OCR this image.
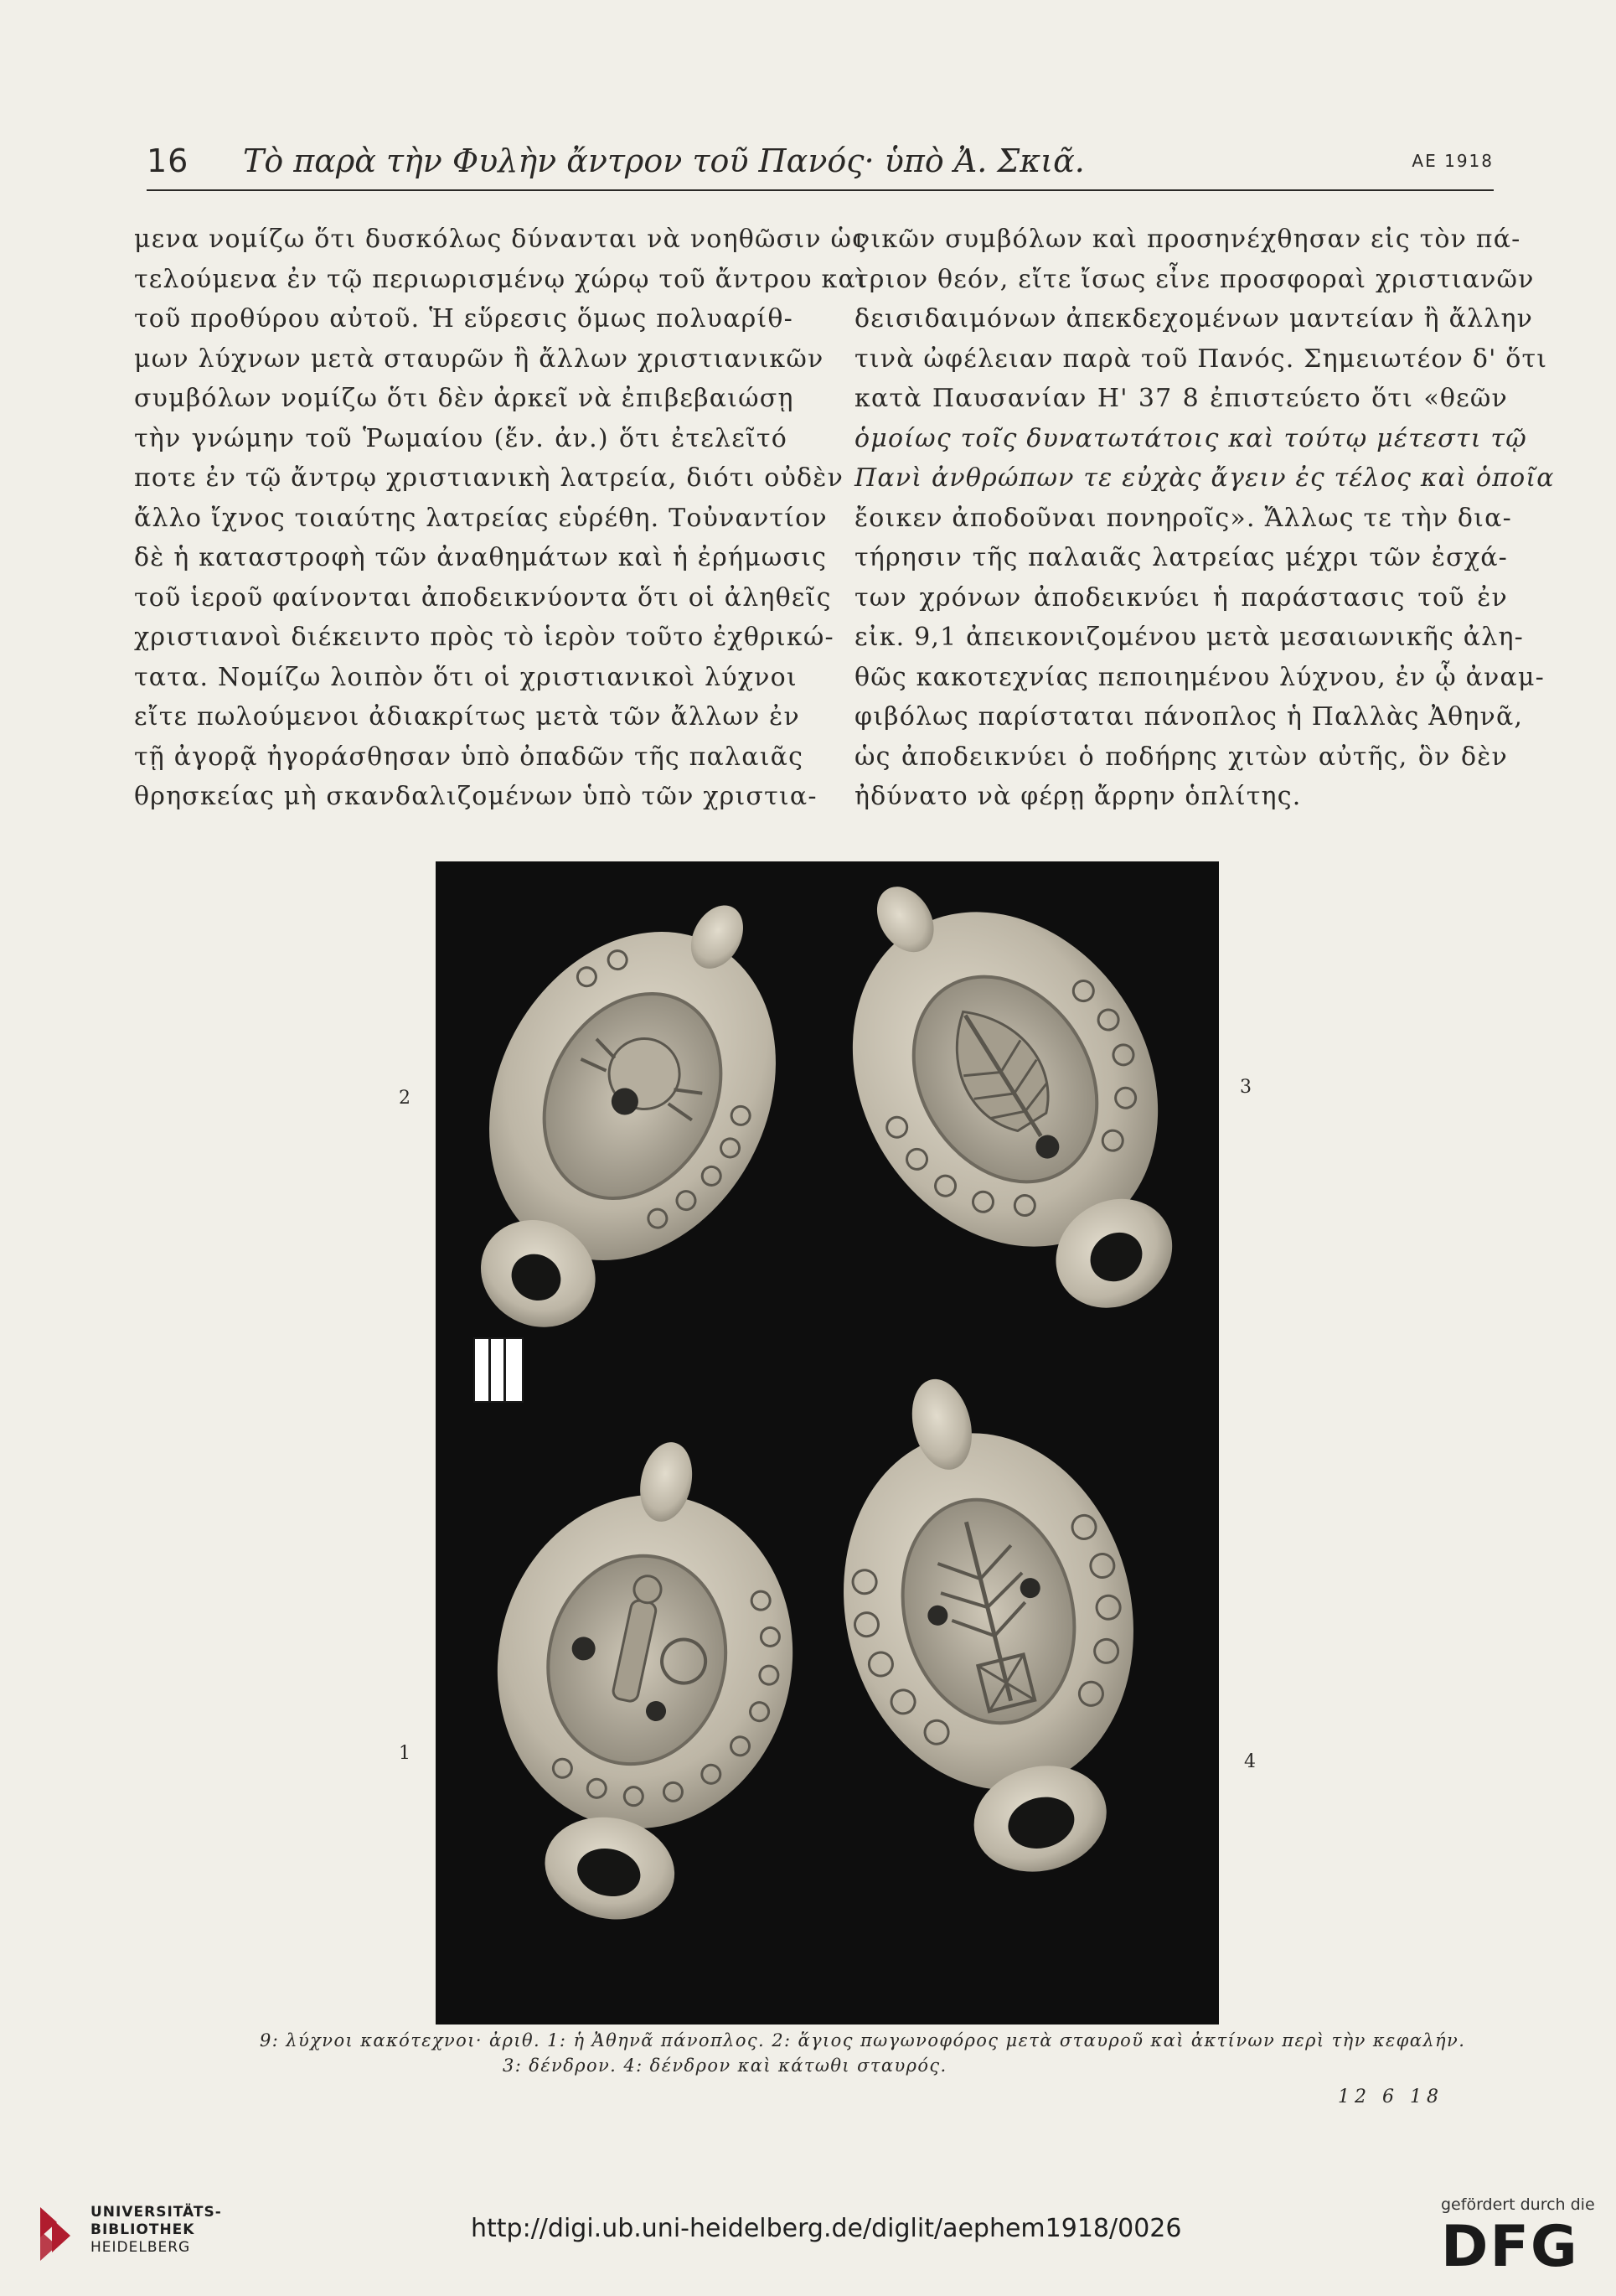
16 Τὸ παρὰ τὴν Φυλὴν ἄντρον τοῦ Πανός· ὑπὸ Ἀ. Σκιᾶ.	ΑΕ 1918
μενα νομίζω ὅτι δυσκόλως δύνανται νὰ νοηθῶσιν ὡς
τελούμενα ἐν τῷ περιωρισμένῳ χώρῳ τοῦ ἄντρου καὶ
τοῦ προθύρου αὐτοῦ. Ἡ εὕρεσις ὅμως πολυαρίθ-
μων λύχνων μετὰ σταυρῶν ἢ ἄλλων χριστιανικῶν
συμβόλων νομίζω ὅτι δὲν ἀρκεῖ νὰ ἐπιβεβαιώσῃ
τὴν γνώμην τοῦ Ῥωμαίου (ἔν. ἀν.) ὅτι ἐτελεῖτό
ποτε ἐν τῷ ἄντρῳ χριστιανικὴ λατρεία, διότι οὐδὲν
ἄλλο ἴχνος τοιαύτης λατρείας εὑρέθη. Τοὐναντίον
δὲ ἡ καταστροφὴ τῶν ἀναθημάτων καὶ ἡ ἐρήμωσις
τοῦ ἱεροῦ φαίνονται ἀποδεικνύοντα ὅτι οἱ ἀληθεῖς
χριστιανοὶ διέκειντο πρὸς τὸ ἱερὸν τοῦτο ἐχθρικώ-
τατα. Νομίζω λοιπὸν ὅτι οἱ χριστιανικοὶ λύχνοι
εἴτε πωλούμενοι ἀδιακρίτως μετὰ τῶν ἄλλων ἐν
τῇ ἀγορᾷ ἠγοράσθησαν ὑπὸ ὀπαδῶν τῆς παλαιᾶς
θρησκείας μὴ σκανδαλιζομένων ὑπὸ τῶν χριστια-
νικῶν συμβόλων καὶ προσηνέχθησαν εἰς τὸν πά-
τριον θεόν, εἴτε ἴσως εἶνε προσφοραὶ χριστιανῶν
δεισιδαιμόνων ἀπεκδεχομένων μαντείαν ἢ ἄλλην
τινὰ ὠφέλειαν παρὰ τοῦ Πανός. Σημειωτέον δ' ὅτι
κατὰ Παυσανίαν Η' 37 8 ἐπιστεύετο ὅτι «θεῶν
ὁμοίως τοῖς δυνατωτάτοις καὶ τούτῳ μέτεστι τῷ
Πανὶ ἀνθρώπων τε εὐχὰς ἄγειν ἐς τέλος καὶ ὁποῖα
ἔοικεν ἀποδοῦναι πονηροῖς». Ἄλλως τε τὴν δια-
τήρησιν τῆς παλαιᾶς λατρείας μέχρι τῶν ἐσχά-
των χρόνων ἀποδεικνύει ἡ παράστασις τοῦ ἐν
εἰκ. 9,1 ἀπεικονιζομένου μετὰ μεσαιωνικῆς ἀλη-
θῶς κακοτεχνίας πεποιημένου λύχνου, ἐν ᾧ ἀναμ-
φιβόλως παρίσταται πάνοπλος ἡ Παλλὰς Ἀθηνᾶ,
ὡς ἀποδεικνύει ὁ ποδήρης χιτὼν αὐτῆς, ὃν δὲν
ἠδύνατο νὰ φέρῃ ἄρρην ὁπλίτης.
2
3
1	4
9: λύχνοι κακότεχνοι· ἀριθ. 1: ἡ Ἀθηνᾶ πάνοπλος. 2: ἅγιος πωγωνοφόρος μετὰ σταυροῦ καὶ ἀκτίνων περὶ τὴν κεφαλήν.
3: δένδρον. 4: δένδρον καὶ κάτωθι σταυρός.
12 6 18
UNIVERSITÄTS-
BIBLIOTHEK
HEIDELBERG
http://digi.ub.uni-heidelberg.de/diglit/aephem1918/0026
gefördert durch die
DFG
